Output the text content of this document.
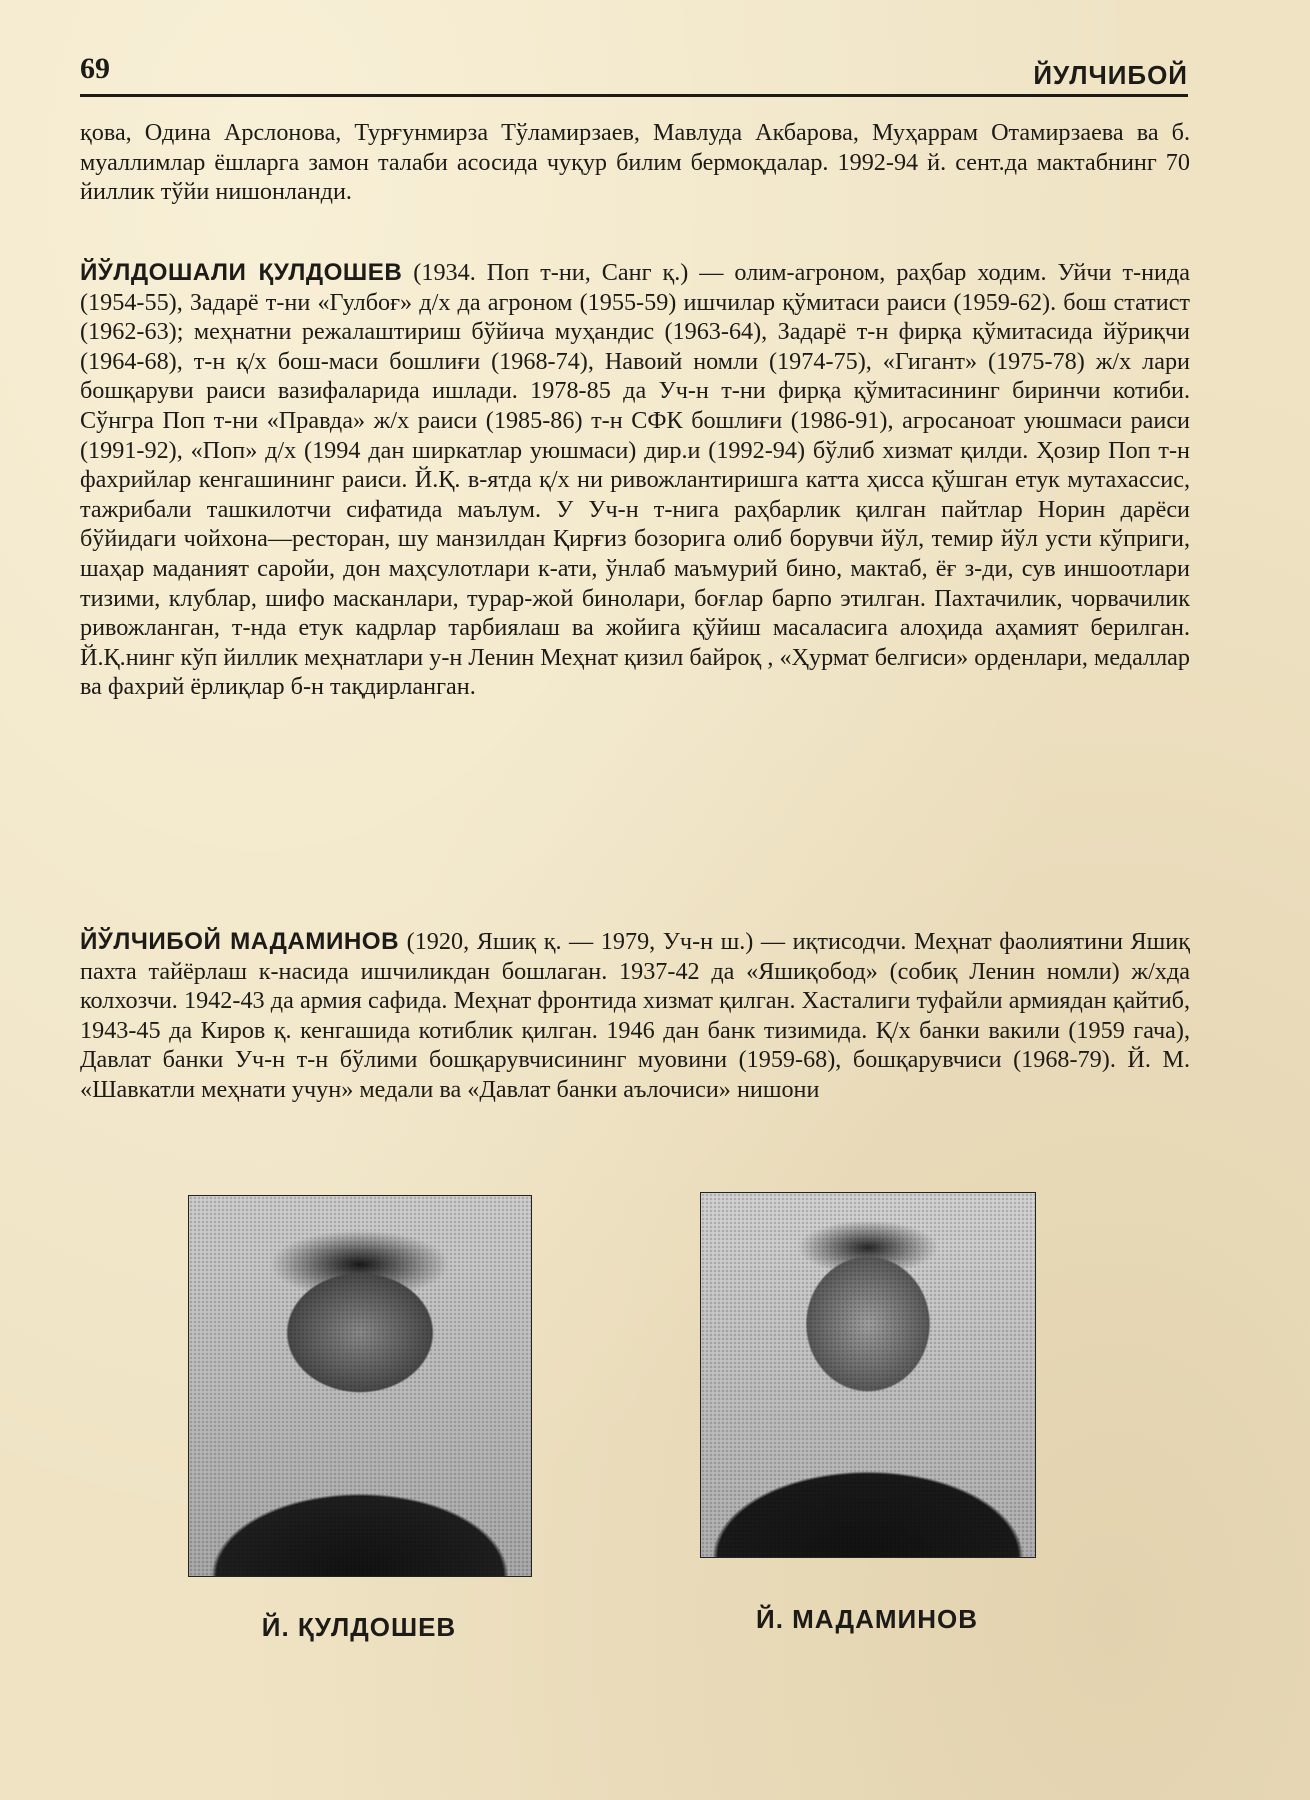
69	ЙУЛЧИБОЙ

қова, Одина Арслонова, Турғунмирза Тўламирзаев, Мавлуда Акбарова, Муҳаррам Отамирзаева ва б. муаллимлар ёшларга замон талаби асосида чуқур билим бермоқдалар. 1992-94 й. сент.да мактабнинг 70 йиллик тўйи нишонланди.

ЙЎЛДОШАЛИ ҚУЛДОШЕВ (1934. Поп т-ни, Санг қ.) — олим-агроном, раҳбар ходим. Уйчи т-нида (1954-55), Задарё т-ни «Гулбоғ» д/х да агроном (1955-59) ишчилар қўмитаси раиси (1959-62). бош статист (1962-63); меҳнатни режалаштириш бўйича муҳандис (1963-64), Задарё т-н фирқа қўмитасида йўриқчи (1964-68), т-н қ/х бош-маси бошлиғи (1968-74), Навоий номли (1974-75), «Гигант» (1975-78) ж/х лари бошқаруви раиси вазифаларида ишлади. 1978-85 да Уч-н т-ни фирқа қўмитасининг биринчи котиби. Сўнгра Поп т-ни «Правда» ж/х раиси (1985-86) т-н СФК бошлиғи (1986-91), агросаноат уюшмаси раиси (1991-92), «Поп» д/х (1994 дан ширкатлар уюшмаси) дир.и (1992-94) бўлиб хизмат қилди. Ҳозир Поп т-н фахрийлар кенгашининг раиси. Й.Қ. в-ятда қ/х ни ривожлантиришга катта ҳисса қўшган етук мутахассис, тажрибали ташкилотчи сифатида маълум. У Уч-н т-нига раҳбарлик қилган пайтлар Норин дарёси бўйидаги чойхона—ресторан, шу манзилдан Қирғиз бозорига олиб борувчи йўл, темир йўл усти кўприги, шаҳар маданият саройи, дон маҳсулотлари к-ати, ўнлаб маъмурий бино, мактаб, ёғ з-ди, сув иншоотлари тизими, клублар, шифо масканлари, турар-жой бинолари, боғлар барпо этилган. Пахтачилик, чорвачилик ривожланган, т-нда етук кадрлар тарбиялаш ва жойига қўйиш масаласига алоҳида аҳамият берилган. Й.Қ.нинг кўп йиллик меҳнатлари у-н Ленин Меҳнат қизил байроқ , «Ҳурмат белгиси» орденлари, медаллар ва фахрий ёрлиқлар б-н тақдирланган.

ЙЎЛЧИБОЙ МАДАМИНОВ (1920, Яшиқ қ. — 1979, Уч-н ш.) — иқтисодчи. Меҳнат фаолиятини Яшиқ пахта тайёрлаш к-насида ишчиликдан бошлаган. 1937-42 да «Яшиқобод» (собиқ Ленин номли) ж/хда колхозчи. 1942-43 да армия сафида. Меҳнат фронтида хизмат қилган. Хасталиги туфайли армиядан қайтиб, 1943-45 да Киров қ. кенгашида котиблик қилган. 1946 дан банк тизимида. Қ/х банки вакили (1959 гача), Давлат банки Уч-н т-н бўлими бошқарувчисининг муовини (1959-68), бошқарувчиси (1968-79). Й. М. «Шавкатли меҳнати учун» медали ва «Давлат банки аълочиси» нишони

Й. ҚУЛДОШЕВ	Й. МАДАМИНОВ
